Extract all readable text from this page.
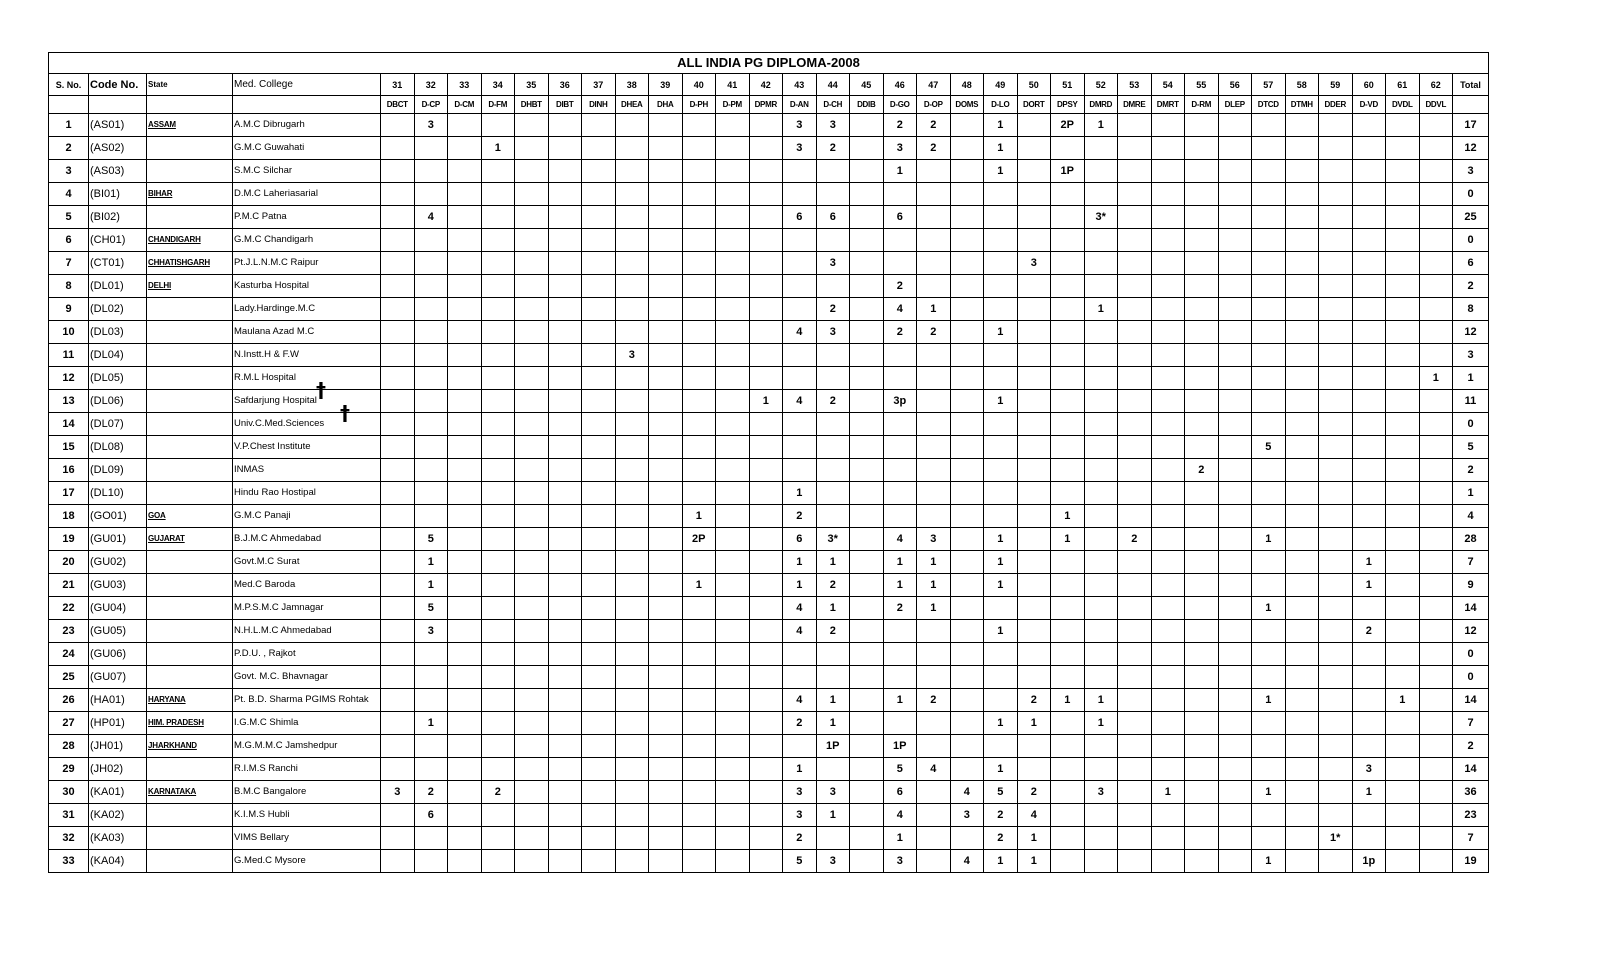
ALL INDIA PG DIPLOMA-2008																																				
S. No.	Code No.	State	Med. College	31	32	33	34	35	36	37	38	39	40	41	42	43	44	45	46	47	48	49	50	51	52	53	54	55	56	57	58	59	60	61	62	Total
				DBCT	D-CP	D-CM	D-FM	DHBT	DIBT	DINH	DHEA	DHA	D-PH	D-PM	DPMR	D-AN	D-CH	DDIB	D-GO	D-OP	DOMS	D-LO	DORT	DPSY	DMRD	DMRE	DMRT	D-RM	DLEP	DTCD	DTMH	DDER	D-VD	DVDL	DDVL	
1	(AS01)	ASSAM	A.M.C Dibrugarh		3											3	3		2	2		1		2P	1											17
2	(AS02)		G.M.C Guwahati				1									3	2		3	2		1														12
3	(AS03)		S.M.C Silchar																1			1		1P												3
4	(BI01)	BIHAR	D.M.C Laheriasarial																																	0
5	(BI02)		P.M.C Patna		4											6	6		6						3*											25
6	(CH01)	CHANDIGARH	G.M.C Chandigarh																																	0
7	(CT01)	CHHATISHGARH	Pt.J.L.N.M.C Raipur														3						3													6
8	(DL01)	DELHI	Kasturba Hospital																2																	2
9	(DL02)		Lady.Hardinge.M.C														2		4	1					1											8
10	(DL03)		Maulana Azad M.C													4	3		2	2		1														12
11	(DL04)		N.Instt.H & F.W								3																									3
12	(DL05)		R.M.L Hospital																																1	1
13	(DL06)		Safdarjung Hospital												1	4	2		3p			1														11
14	(DL07)		Univ.C.Med.Sciences																																	0
15	(DL08)		V.P.Chest Institute																											5						5
16	(DL09)		INMAS																									2								2
17	(DL10)		Hindu Rao Hostipal													1																				1
18	(GO01)	GOA	G.M.C Panaji										1			2								1												4
19	(GU01)	GUJARAT	B.J.M.C Ahmedabad		5								2P			6	3*		4	3		1		1		2				1						28
20	(GU02)		Govt.M.C Surat		1											1	1		1	1		1											1			7
21	(GU03)		Med.C Baroda		1								1			1	2		1	1		1											1			9
22	(GU04)		M.P.S.M.C Jamnagar		5											4	1		2	1										1						14
23	(GU05)		N.H.L.M.C Ahmedabad		3											4	2					1											2			12
24	(GU06)		P.D.U. , Rajkot																																	0
25	(GU07)		Govt. M.C. Bhavnagar																																	0
26	(HA01)	HARYANA	Pt. B.D. Sharma PGIMS Rohtak													4	1		1	2			2	1	1					1				1		14
27	(HP01)	HIM. PRADESH	I.G.M.C Shimla		1											2	1					1	1		1											7
28	(JH01)	JHARKHAND	M.G.M.M.C Jamshedpur														1P		1P																	2
29	(JH02)		R.I.M.S Ranchi													1			5	4		1											3			14
30	(KA01)	KARNATAKA	B.M.C Bangalore	3	2		2									3	3		6		4	5	2		3		1			1			1			36
31	(KA02)		K.I.M.S Hubli		6											3	1		4		3	2	4													23
32	(KA03)		VIMS Bellary													2			1			2	1									1*				7
33	(KA04)		G.Med.C Mysore													5	3		3		4	1	1							1			1p			19
†
†
